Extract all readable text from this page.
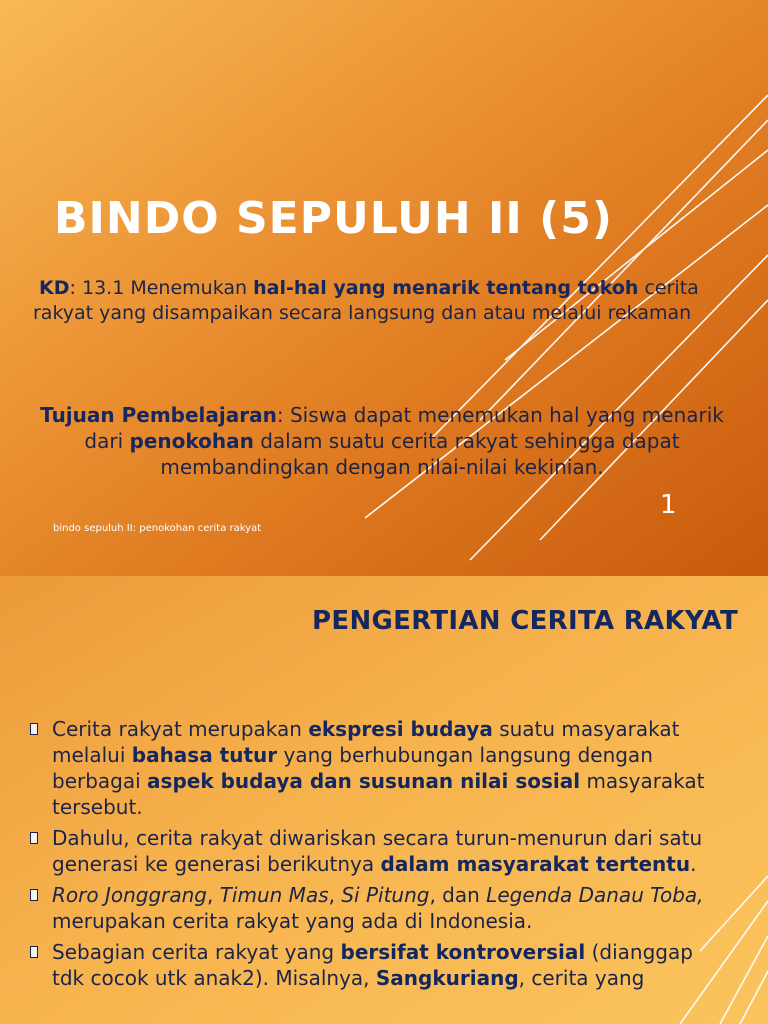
BINDO SEPULUH II (5)
KD: 13.1 Menemukan hal-hal yang menarik tentang tokoh cerita rakyat yang disampaikan secara langsung dan atau melalui rekaman
Tujuan Pembelajaran: Siswa dapat menemukan hal yang menarik dari penokohan dalam suatu cerita rakyat sehingga dapat membandingkan dengan nilai-nilai kekinian.
1
bindo sepuluh II: penokohan cerita rakyat
PENGERTIAN CERITA RAKYAT
Cerita rakyat merupakan ekspresi budaya suatu masyarakat melalui bahasa tutur yang berhubungan langsung dengan berbagai aspek budaya dan susunan nilai sosial masyarakat tersebut.
Dahulu, cerita rakyat diwariskan secara turun-menurun dari satu generasi ke generasi berikutnya dalam masyarakat tertentu.
Roro Jonggrang, Timun Mas, Si Pitung, dan Legenda Danau Toba, merupakan cerita rakyat yang ada di Indonesia.
Sebagian cerita rakyat yang bersifat kontroversial (dianggap tdk cocok utk anak2). Misalnya, Sangkuriang, cerita yang
